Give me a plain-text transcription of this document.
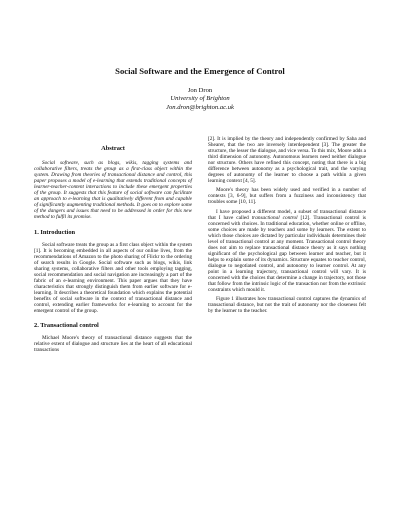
Social Software and the Emergence of Control
Jon Dron
University of Brighton
Jon.dron@brighton.ac.uk
Abstract

Social software, such as blogs, wikis, tagging systems and collaborative filters, treats the group as a first-class object within the system. Drawing from theories of transactional distance and control, this paper proposes a model of e-learning that extends traditional concepts of learner-teacher-content interactions to include these emergent properties of the group. It suggests that this feature of social software can facilitate an approach to e-learning that is qualitatively different from and capable of significantly augmenting traditional methods. It goes on to explore some of the dangers and issues that need to be addressed in order for this new method to fulfil its promise.

1. Introduction

Social software treats the group as a first class object within the system [1]. It is becoming embedded in all aspects of our online lives, from the recommendations of Amazon to the photo sharing of Flickr to the ordering of search results in Google. Social software such as blogs, wikis, link sharing systems, collaborative filters and other tools employing tagging, social recommendation and social navigation are increasingly a part of the fabric of an e-learning environment. This paper argues that they have characteristics that strongly distinguish them from earlier software for e-learning. It describes a theoretical foundation which explains the potential benefits of social software in the context of transactional distance and control, extending earlier frameworks for e-learning to account for the emergent control of the group.

2. Transactional control

Michael Moore's theory of transactional distance suggests that the relative extent of dialogue and structure lies at the heart of all educational transactions

[2]. It is implied by the theory and independently confirmed by Saba and Shearer, that the two are inversely interdependent [3]. The greater the structure, the lesser the dialogue, and vice versa. To this mix, Moore adds a third dimension of autonomy. Autonomous learners need neither dialogue nor structure. Others have refined this concept, noting that there is a big difference between autonomy as a psychological trait, and the varying degrees of autonomy of the learner to choose a path within a given learning context [4, 5].

Moore's theory has been widely used and verified in a number of contexts [3, 6-9], but suffers from a fuzziness and inconsistency that troubles some [10, 11].

I have proposed a different model, a subset of transactional distance that I have called transactional control [12]. Transactional control is concerned with choices. In traditional education, whether online or offline, some choices are made by teachers and some by learners. The extent to which those choices are dictated by particular individuals determines their level of transactional control at any moment. Transactional control theory does not aim to replace transactional distance theory as it says nothing significant of the psychological gap between learner and teacher, but it helps to explain some of its dynamics. Structure equates to teacher control, dialogue to negotiated control, and autonomy to learner control. At any point in a learning trajectory, transactional control will vary. It is concerned with the choices that determine a change in trajectory, not those that follow from the intrinsic logic of the transaction nor from the extrinsic constraints which mould it.

Figure 1 illustrates how transactional control captures the dynamics of transactional distance, but not the trait of autonomy nor the closeness felt by the learner to the teacher.
